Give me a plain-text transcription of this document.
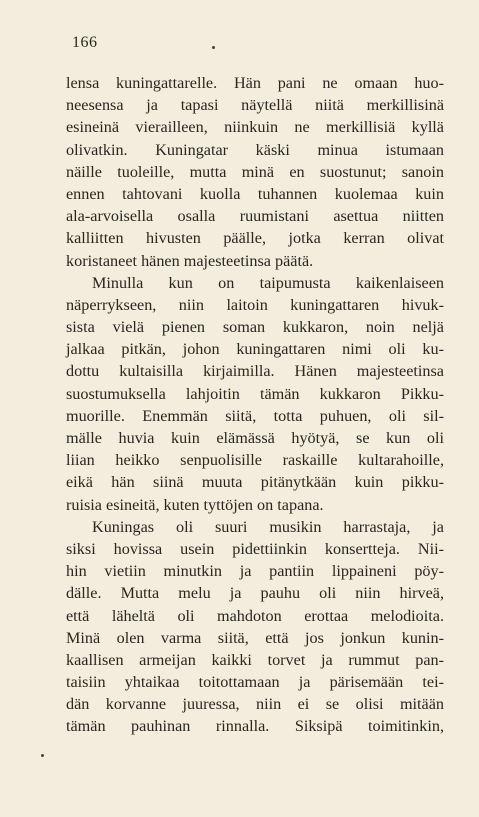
166
lensa kuningattarelle. Hän pani ne omaan huo-
neesensa ja tapasi näytellä niitä merkillisinä
esineinä vierailleen, niinkuin ne merkillisiä kyllä
olivatkin. Kuningatar käski minua istumaan
näille tuoleille, mutta minä en suostunut; sanoin
ennen tahtovani kuolla tuhannen kuolemaa kuin
ala-arvoisella osalla ruumistani asettua niitten
kalliitten hivusten päälle, jotka kerran olivat
koristaneet hänen majesteetinsa päätä.
Minulla kun on taipumusta kaikenlaiseen
näperrykseen, niin laitoin kuningattaren hivuk-
sista vielä pienen soman kukkaron, noin neljä
jalkaa pitkän, johon kuningattaren nimi oli ku-
dottu kultaisilla kirjaimilla. Hänen majesteetinsa
suostumuksella lahjoitin tämän kukkaron Pikku-
muorille. Enemmän siitä, totta puhuen, oli sil-
mälle huvia kuin elämässä hyötyä, se kun oli
liian heikko senpuolisille raskaille kultarahoille,
eikä hän siinä muuta pitänytkään kuin pikku-
ruisia esineitä, kuten tyttöjen on tapana.
Kuningas oli suuri musikin harrastaja, ja
siksi hovissa usein pidettiinkin konsertteja. Nii-
hin vietiin minutkin ja pantiin lippaineni pöy-
dälle. Mutta melu ja pauhu oli niin hirveä,
että läheltä oli mahdoton erottaa melodioita.
Minä olen varma siitä, että jos jonkun kunin-
kaallisen armeijan kaikki torvet ja rummut pan-
taisiin yhtaikaa toitottamaan ja pärisemään tei-
dän korvanne juuressa, niin ei se olisi mitään
tämän pauhinan rinnalla. Siksipä toimitinkin,
